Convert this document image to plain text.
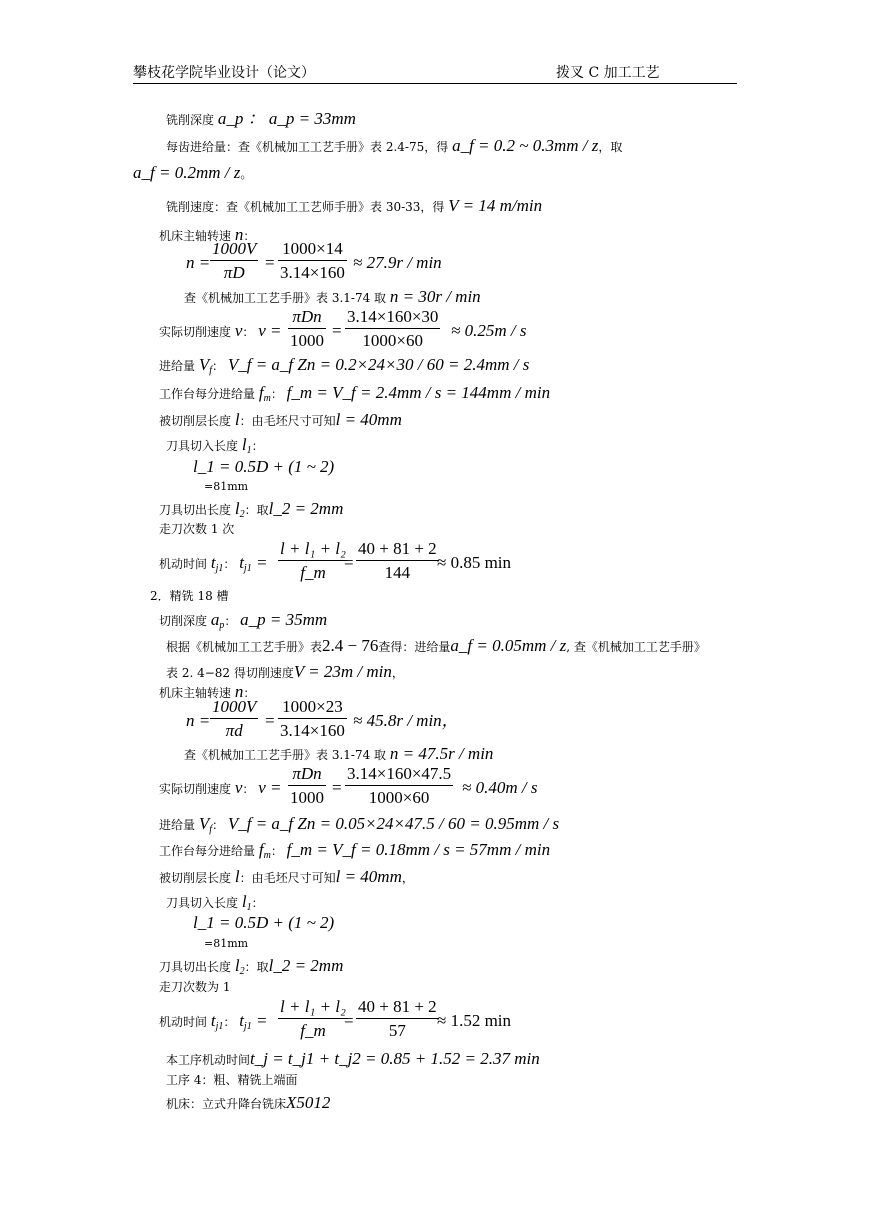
攀枝花学院毕业设计（论文）	拨叉 C 加工工艺
铣削深度 a_p ： a_p = 33mm
每齿进给量：查《机械加工工艺手册》表 2.4-75，得 a_f = 0.2 ~ 0.3mm / z，取
a_f = 0.2mm / z。
铣削速度：查《机械加工工艺师手册》表 30-33，得 V = 14 m/min
机床主轴转速 n：
$n = \frac{1000V}{\pi D} = \frac{1000\times 14}{3.14\times 160} \approx 27.9r / \min$
查《机械加工工艺手册》表 3.1-74 取 n = 30r / min
实际切削速度 v： v =
πDn
1000
= $\frac{3.14\times 160\times 30}{1000\times 60} \approx 0.25m / s$
进给量 $V_f$： V_f = a_f Zn = 0.2×24×30 / 60 = 2.4mm / s
工作台每分进给量 $f_m$： f_m = V_f = 2.4mm / s = 144mm / min
被切削层长度 l：由毛坯尺寸可知l = 40mm
刀具切入长度 $l_1$：
l_1 = 0.5D + (1 ~ 2)
=81mm
刀具切出长度 $l_2$：取l_2 = 2mm
走刀次数 1 次
机动时间 $t_{j1}$： $t_{j1} = \frac{\text{l + l₁ + l₂}}{f\_m}$
= $\frac{40 + 81 + 2}{144}$
≈ 0.85 min
2．精铣 18 槽
切削深度 $a_p$： a_p = 35mm
根据《机械加工工艺手册》表2.4 − 76查得：进给量a_f = 0.05mm / z, 查《机械加工工艺手册》
表 2. 4−82 得切削速度V = 23m / min，
机床主轴转速 n：
$n = \frac{1000V}{\pi d} = \frac{1000\times 23}{3.14\times 160} \approx 45.8r / \min$，
查《机械加工工艺手册》表 3.1-74 取 n = 47.5r / min
实际切削速度 v： v =
πDn
1000
= $\frac{3.14\times 160\times 47.5}{1000\times 60} \approx 0.40m / s$
进给量 $V_f$： V_f = a_f Zn = 0.05×24×47.5 / 60 = 0.95mm / s
工作台每分进给量 $f_m$： f_m = V_f = 0.18mm / s = 57mm / min
被切削层长度 l：由毛坯尺寸可知l = 40mm，
刀具切入长度 $l_1$：
l_1 = 0.5D + (1 ~ 2)
=81mm
刀具切出长度 $l_2$：取l_2 = 2mm
走刀次数为 1
机动时间 $t_{j1}$： $t_{j1} = \frac{\text{l + l₁ + l₂}}{f\_m}$
= $\frac{40 + 81 + 2}{57}$
≈ 1.52 min
本工序机动时间t_j = t_j1 + t_j2 = 0.85 + 1.52 = 2.37 min
工序 4：粗、精铣上端面
机床：立式升降台铣床X5012
